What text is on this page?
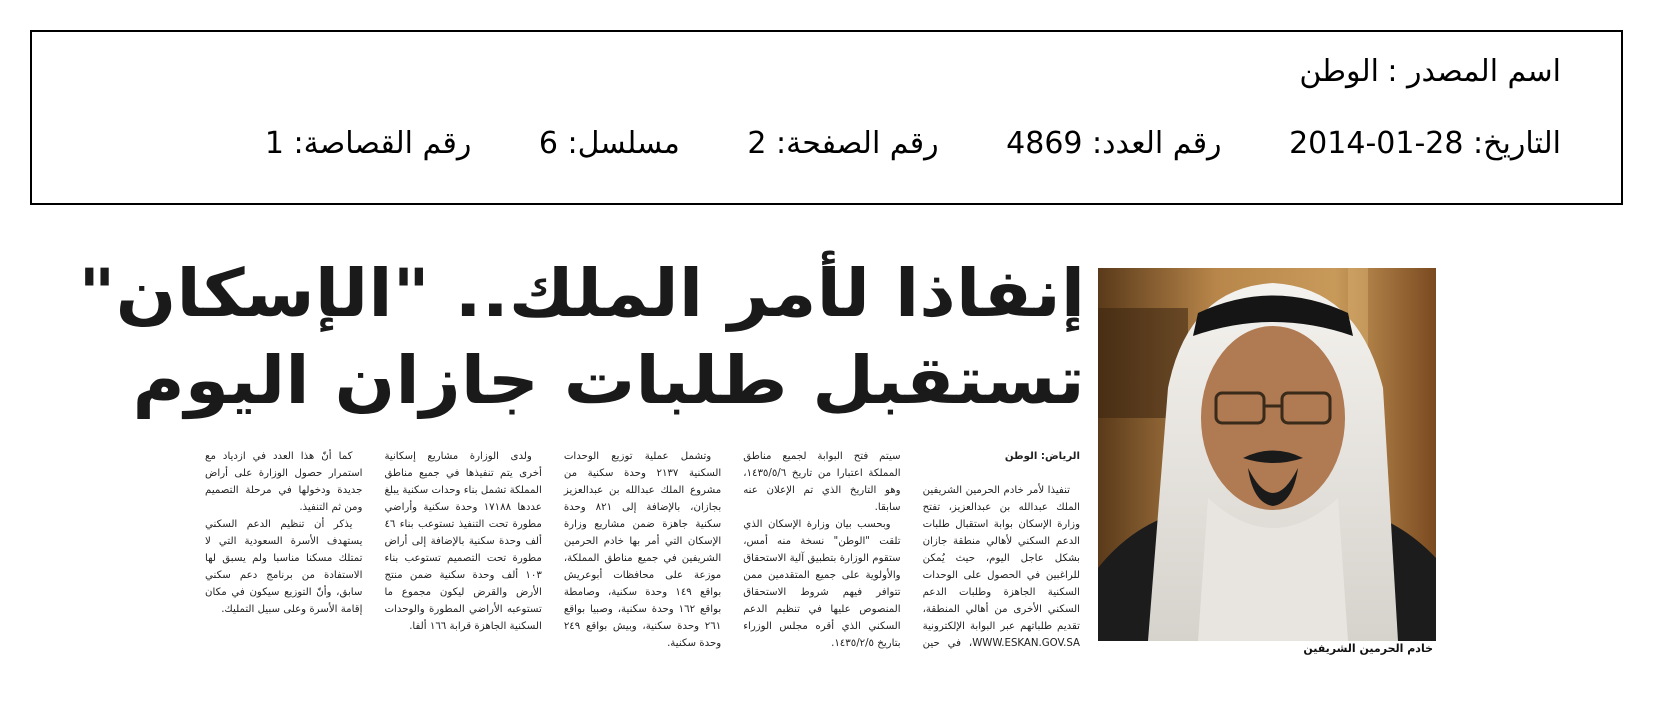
اسم المصدر :الوطن
التاريخ: 28-01-2014 رقم العدد: 4869 رقم الصفحة: 2 مسلسل: 6 رقم القصاصة: 1
إنفاذا لأمر الملك.. "الإسكان"
تستقبل طلبات جازان اليوم
خادم الحرمين الشريفين

الرياض: الوطن

تنفيذا لأمر خادم الحرمين الشريفين الملك عبدالله بن عبدالعزيز، تفتح وزارة الإسكان بوابة استقبال طلبات الدعم السكني لأهالي منطقة جازان بشكل عاجل اليوم، حيث يُمكن للراغبين في الحصول على الوحدات السكنية الجاهزة وطلبات الدعم السكني الأخرى من أهالي المنطقة، تقديم طلباتهم عبر البوابة الإلكترونية WWW.ESKAN.GOV.SA، في حين سيتم فتح البوابة لجميع مناطق المملكة اعتبارا من تاريخ ١٤٣٥/٥/٦، وهو التاريخ الذي تم الإعلان عنه سابقا.

وبحسب بيان وزارة الإسكان الذي تلقت "الوطن" نسخة منه أمس، ستقوم الوزارة بتطبيق آلية الاستحقاق والأولوية على جميع المتقدمين ممن تتوافر فيهم شروط الاستحقاق المنصوص عليها في تنظيم الدعم السكني الذي أقره مجلس الوزراء بتاريخ ١٤٣٥/٢/٥.

وتشمل عملية توزيع الوحدات السكنية ٢١٣٧ وحدة سكنية من مشروع الملك عبدالله بن عبدالعزيز بجازان، بالإضافة إلى ٨٢١ وحدة سكنية جاهزة ضمن مشاريع وزارة الإسكان التي أمر بها خادم الحرمين الشريفين في جميع مناطق المملكة، موزعة على محافظات أبوعريش بواقع ١٤٩ وحدة سكنية، وصامطة بواقع ١٦٢ وحدة سكنية، وصبيا بواقع ٢٦١ وحدة سكنية، وبيش بواقع ٢٤٩ وحدة سكنية.

ولدى الوزارة مشاريع إسكانية أخرى يتم تنفيذها في جميع مناطق المملكة تشمل بناء وحدات سكنية يبلغ عددها ١٧١٨٨ وحدة سكنية وأراضي مطورة تحت التنفيذ تستوعب بناء ٤٦ ألف وحدة سكنية بالإضافة إلى أراض مطورة تحت التصميم تستوعب بناء ١٠٣ ألف وحدة سكنية ضمن منتج الأرض والقرض ليكون مجموع ما تستوعبه الأراضي المطورة والوحدات السكنية الجاهزة قرابة ١٦٦ ألفا.

كما أنّ هذا العدد في ازدياد مع استمرار حصول الوزارة على أراض جديدة ودخولها في مرحلة التصميم ومن ثم التنفيذ.

يذكر أن تنظيم الدعم السكني يستهدف الأسرة السعودية التي لا تمتلك مسكنا مناسبا ولم يسبق لها الاستفادة من برنامج دعم سكني سابق، وأنّ التوزيع سيكون في مكان إقامة الأسرة وعلى سبيل التمليك.
